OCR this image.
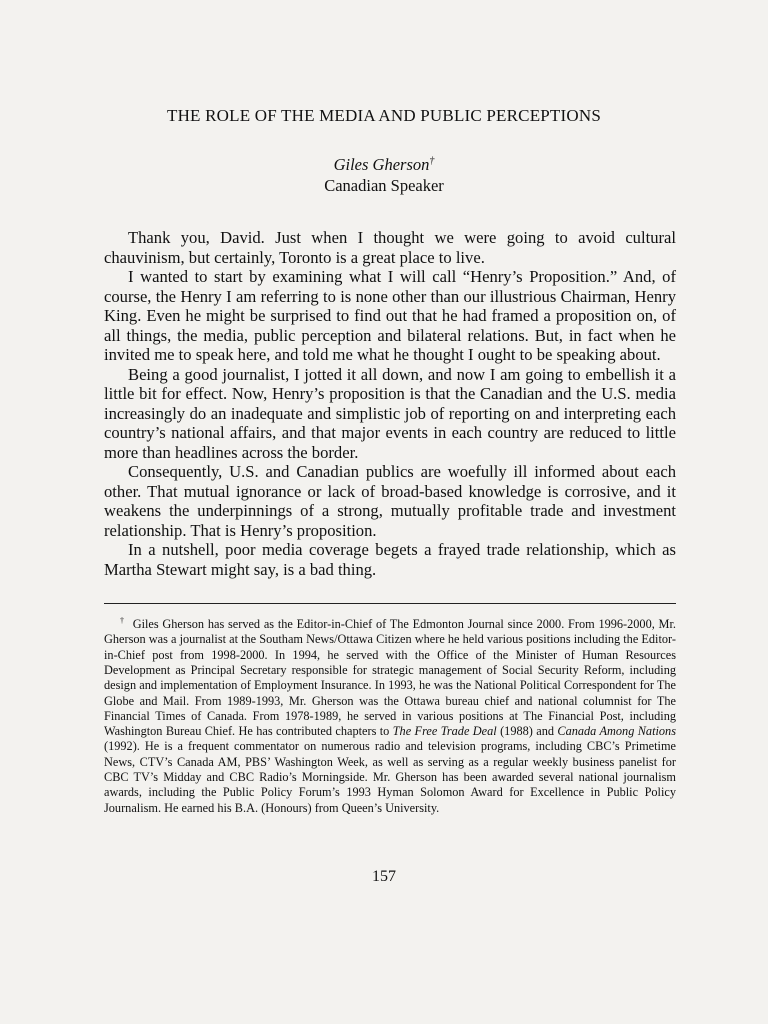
THE ROLE OF THE MEDIA AND PUBLIC PERCEPTIONS
Giles Gherson†
Canadian Speaker

Thank you, David. Just when I thought we were going to avoid cultural chauvinism, but certainly, Toronto is a great place to live.

I wanted to start by examining what I will call “Henry’s Proposition.” And, of course, the Henry I am referring to is none other than our illustrious Chairman, Henry King. Even he might be surprised to find out that he had framed a proposition on, of all things, the media, public perception and bilateral relations. But, in fact when he invited me to speak here, and told me what he thought I ought to be speaking about.

Being a good journalist, I jotted it all down, and now I am going to embellish it a little bit for effect. Now, Henry’s proposition is that the Canadian and the U.S. media increasingly do an inadequate and simplistic job of reporting on and interpreting each country’s national affairs, and that major events in each country are reduced to little more than headlines across the border.

Consequently, U.S. and Canadian publics are woefully ill informed about each other. That mutual ignorance or lack of broad-based knowledge is corrosive, and it weakens the underpinnings of a strong, mutually profitable trade and investment relationship. That is Henry’s proposition.

In a nutshell, poor media coverage begets a frayed trade relationship, which as Martha Stewart might say, is a bad thing.

† Giles Gherson has served as the Editor-in-Chief of The Edmonton Journal since 2000. From 1996-2000, Mr. Gherson was a journalist at the Southam News/Ottawa Citizen where he held various positions including the Editor-in-Chief post from 1998-2000. In 1994, he served with the Office of the Minister of Human Resources Development as Principal Secretary responsible for strategic management of Social Security Reform, including design and implementation of Employment Insurance. In 1993, he was the National Political Correspondent for The Globe and Mail. From 1989-1993, Mr. Gherson was the Ottawa bureau chief and national columnist for The Financial Times of Canada. From 1978-1989, he served in various positions at The Financial Post, including Washington Bureau Chief. He has contributed chapters to The Free Trade Deal (1988) and Canada Among Nations (1992). He is a frequent commentator on numerous radio and television programs, including CBC’s Primetime News, CTV’s Canada AM, PBS’ Washington Week, as well as serving as a regular weekly business panelist for CBC TV’s Midday and CBC Radio’s Morningside. Mr. Gherson has been awarded several national journalism awards, including the Public Policy Forum’s 1993 Hyman Solomon Award for Excellence in Public Policy Journalism. He earned his B.A. (Honours) from Queen’s University.
157
